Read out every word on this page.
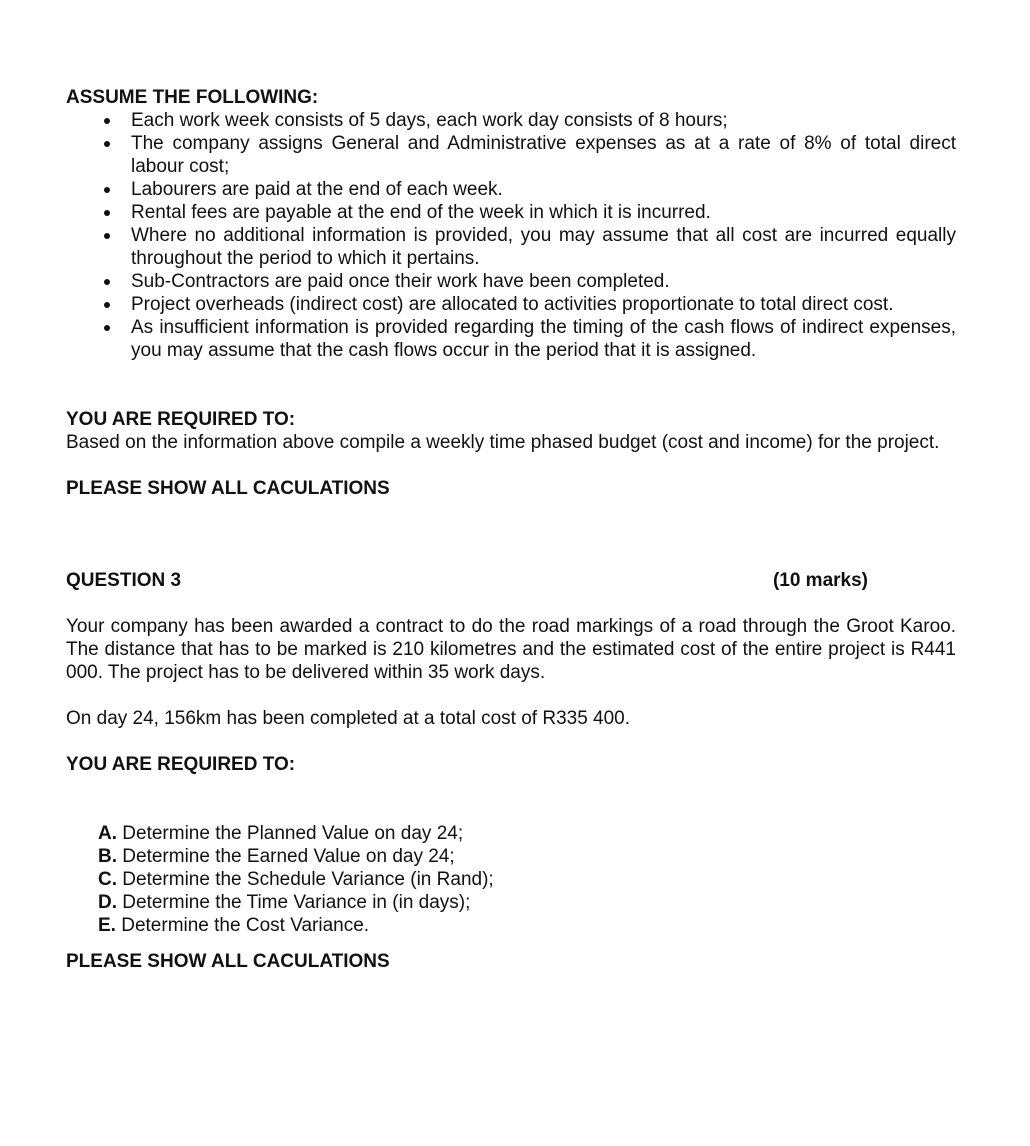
ASSUME THE FOLLOWING:

Each work week consists of 5 days, each work day consists of 8 hours;
The company assigns General and Administrative expenses as at a rate of 8% of total direct labour cost;
Labourers are paid at the end of each week.
Rental fees are payable at the end of the week in which it is incurred.
Where no additional information is provided, you may assume that all cost are incurred equally throughout the period to which it pertains.
Sub-Contractors are paid once their work have been completed.
Project overheads (indirect cost) are allocated to activities proportionate to total direct cost.
As insufficient information is provided regarding the timing of the cash flows of indirect expenses, you may assume that the cash flows occur in the period that it is assigned.

YOU ARE REQUIRED TO:

Based on the information above compile a weekly time phased budget (cost and income) for the project.

PLEASE SHOW ALL CACULATIONS

QUESTION 3	(10 marks)

Your company has been awarded a contract to do the road markings of a road through the Groot Karoo. The distance that has to be marked is 210 kilometres and the estimated cost of the entire project is R441 000. The project has to be delivered within 35 work days.

On day 24, 156km has been completed at a total cost of R335 400.

YOU ARE REQUIRED TO:

A. Determine the Planned Value on day 24;
B. Determine the Earned Value on day 24;
C. Determine the Schedule Variance (in Rand);
D. Determine the Time Variance in (in days);
E. Determine the Cost Variance.

PLEASE SHOW ALL CACULATIONS
